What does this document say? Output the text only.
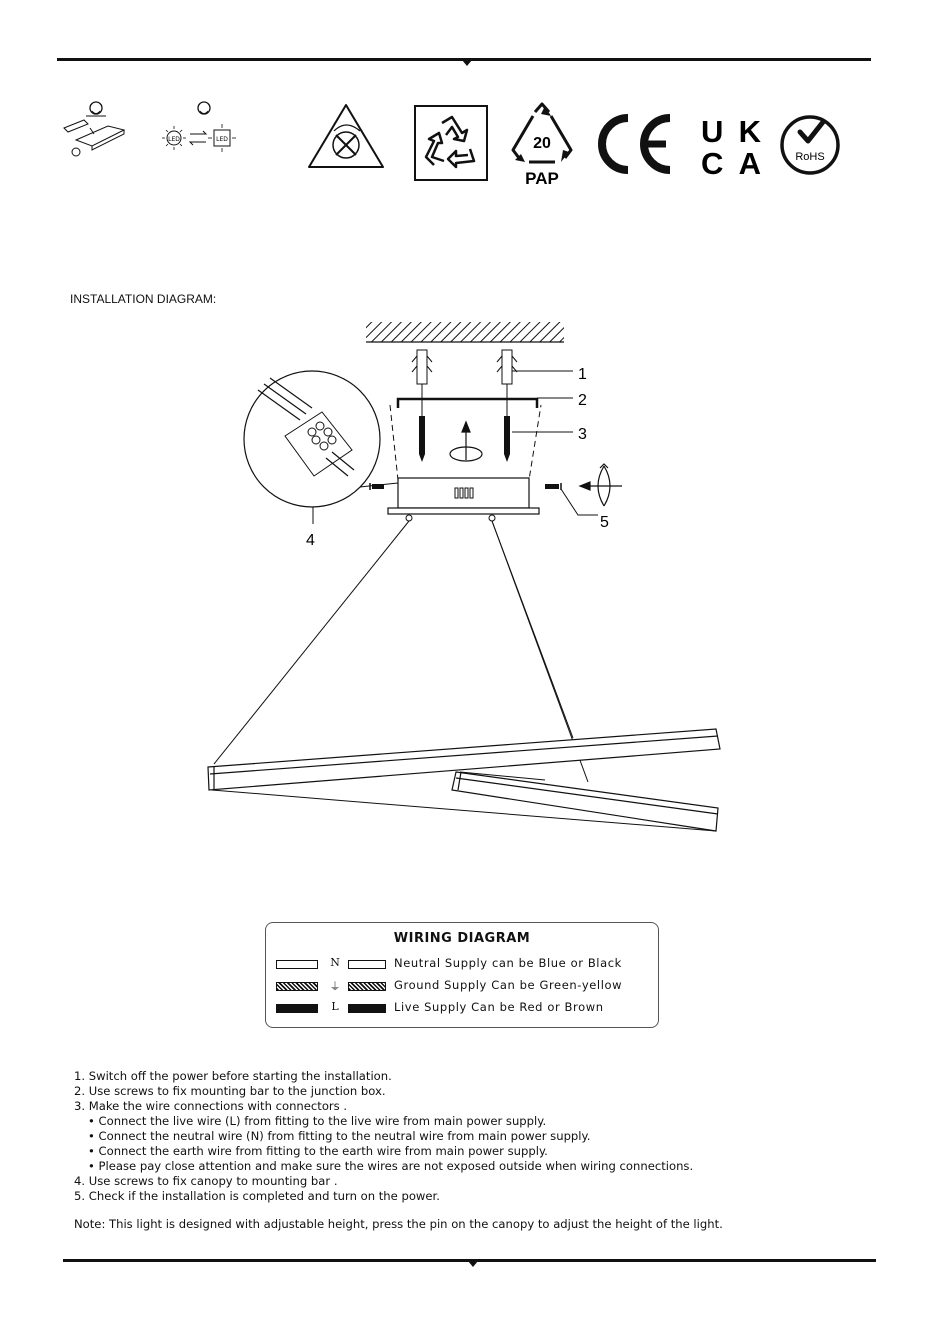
LED	LED	20
PAP
UK
CA	RoHS
INSTALLATION DIAGRAM:
1
2
3
4
5
WIRING DIAGRAM
N	Neutral Supply can be Blue or Black
⏚	Ground Supply Can be Green-yellow
L	Live Supply Can be Red or Brown
1. Switch off the power before starting the installation.
2. Use screws to fix mounting bar to the junction box.
3. Make the wire connections with connectors .
• Connect the live wire (L) from fitting to the live wire from main power supply.
• Connect the neutral wire (N) from fitting to the neutral wire from main power supply.
• Connect the earth wire from fitting to the earth wire from main power supply.
• Please pay close attention and make sure the wires are not exposed outside when wiring connections.
4. Use screws to fix canopy to mounting bar .
5. Check if the installation is completed and turn on the power.
Note: This light is designed with adjustable height, press the pin on the canopy to adjust the height of the light.
